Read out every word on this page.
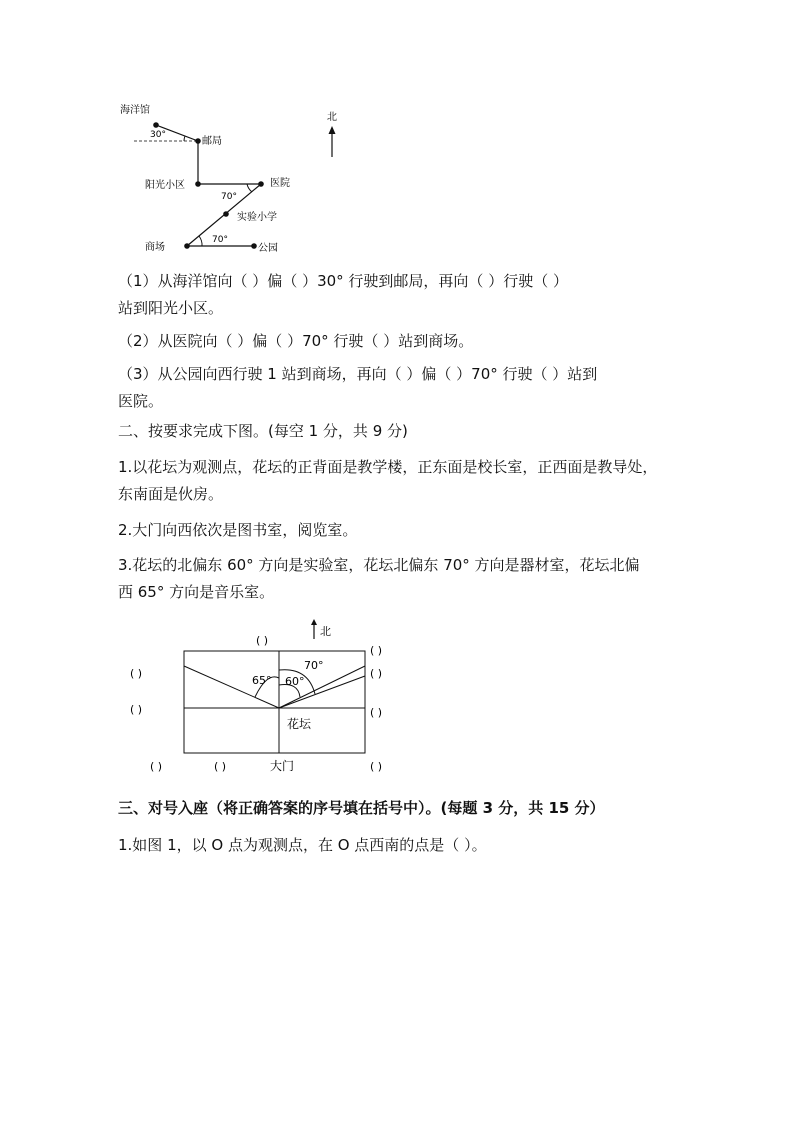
海洋馆
30°
邮局
阳光小区	医院
70°
实验小学
70°
商场	公园
北
（1）从海洋馆向（ ）偏（ ）30° 行驶到邮局，再向（ ）行驶（ ）
站到阳光小区。
（2）从医院向（ ）偏（ ）70° 行驶（ ）站到商场。
（3）从公园向西行驶 1 站到商场，再向（ ）偏（ ）70° 行驶（ ）站到
医院。
二、按要求完成下图。(每空 1 分，共 9 分)
1.以花坛为观测点，花坛的正背面是教学楼，正东面是校长室，正西面是教导处，
东南面是伙房。
2.大门向西依次是图书室，阅览室。
3.花坛的北偏东 60° 方向是实验室，花坛北偏东 70° 方向是器材室，花坛北偏
西 65° 方向是音乐室。
65° 60°
70°
花坛
北
( )
( )
( )
( )
( )
( )
( )	( )	大门	( )
三、对号入座（将正确答案的序号填在括号中）。(每题 3 分，共 15 分）
1.如图 1，以 O 点为观测点，在 O 点西南的点是（ ）。
